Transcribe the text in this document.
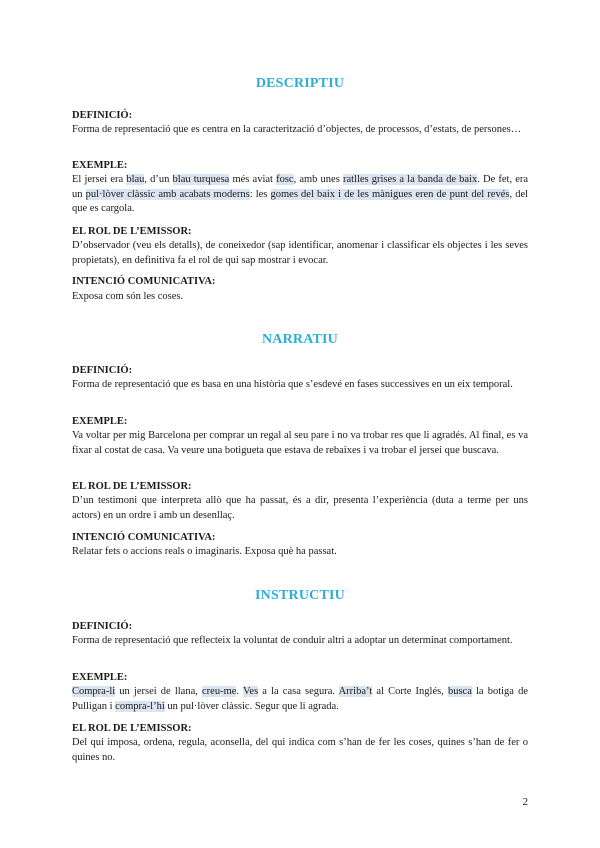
DESCRIPTIU
DEFINICIÓ:
Forma de representació que es centra en la caracterització d’objectes, de processos, d’estats, de persones…
EXEMPLE:
El jersei era blau, d’un blau turquesa més aviat fosc, amb unes ratlles grises a la banda de baix. De fet, era un pul·lòver clàssic amb acabats moderns: les gomes del baix i de les mànigues eren de punt del revés, del que es cargola.
EL ROL DE L’EMISSOR:
D’observador (veu els detalls), de coneixedor (sap identificar, anomenar i classificar els objectes i les seves propietats), en definitiva fa el rol de qui sap mostrar i evocar.
INTENCIÓ COMUNICATIVA:
Exposa com són les coses.
NARRATIU
DEFINICIÓ:
Forma de representació que es basa en una història que s’esdevé en fases successives en un eix temporal.
EXEMPLE:
Va voltar per mig Barcelona per comprar un regal al seu pare i no va trobar res que li agradés. Al final, es va fixar al costat de casa. Va veure una botigueta que estava de rebaixes i va trobar el jersei que buscava.
EL ROL DE L’EMISSOR:
D’un testimoni que interpreta allò que ha passat, és a dir, presenta l’experiència (duta a terme per uns actors) en un ordre i amb un desenllaç.
INTENCIÓ COMUNICATIVA:
Relatar fets o accions reals o imaginaris. Exposa què ha passat.
INSTRUCTIU
DEFINICIÓ:
Forma de representació que reflecteix la voluntat de conduir altri a adoptar un determinat comportament.
EXEMPLE:
Compra-li un jersei de llana, creu-me. Ves a la casa segura. Arriba’t al Corte Inglés, busca la botiga de Pulligan i compra-l’hi un pul·lòver clàssic. Segur que li agrada.
EL ROL DE L’EMISSOR:
Del qui imposa, ordena, regula, aconsella, del qui indica com s’han de fer les coses, quines s’han de fer o quines no.
2
